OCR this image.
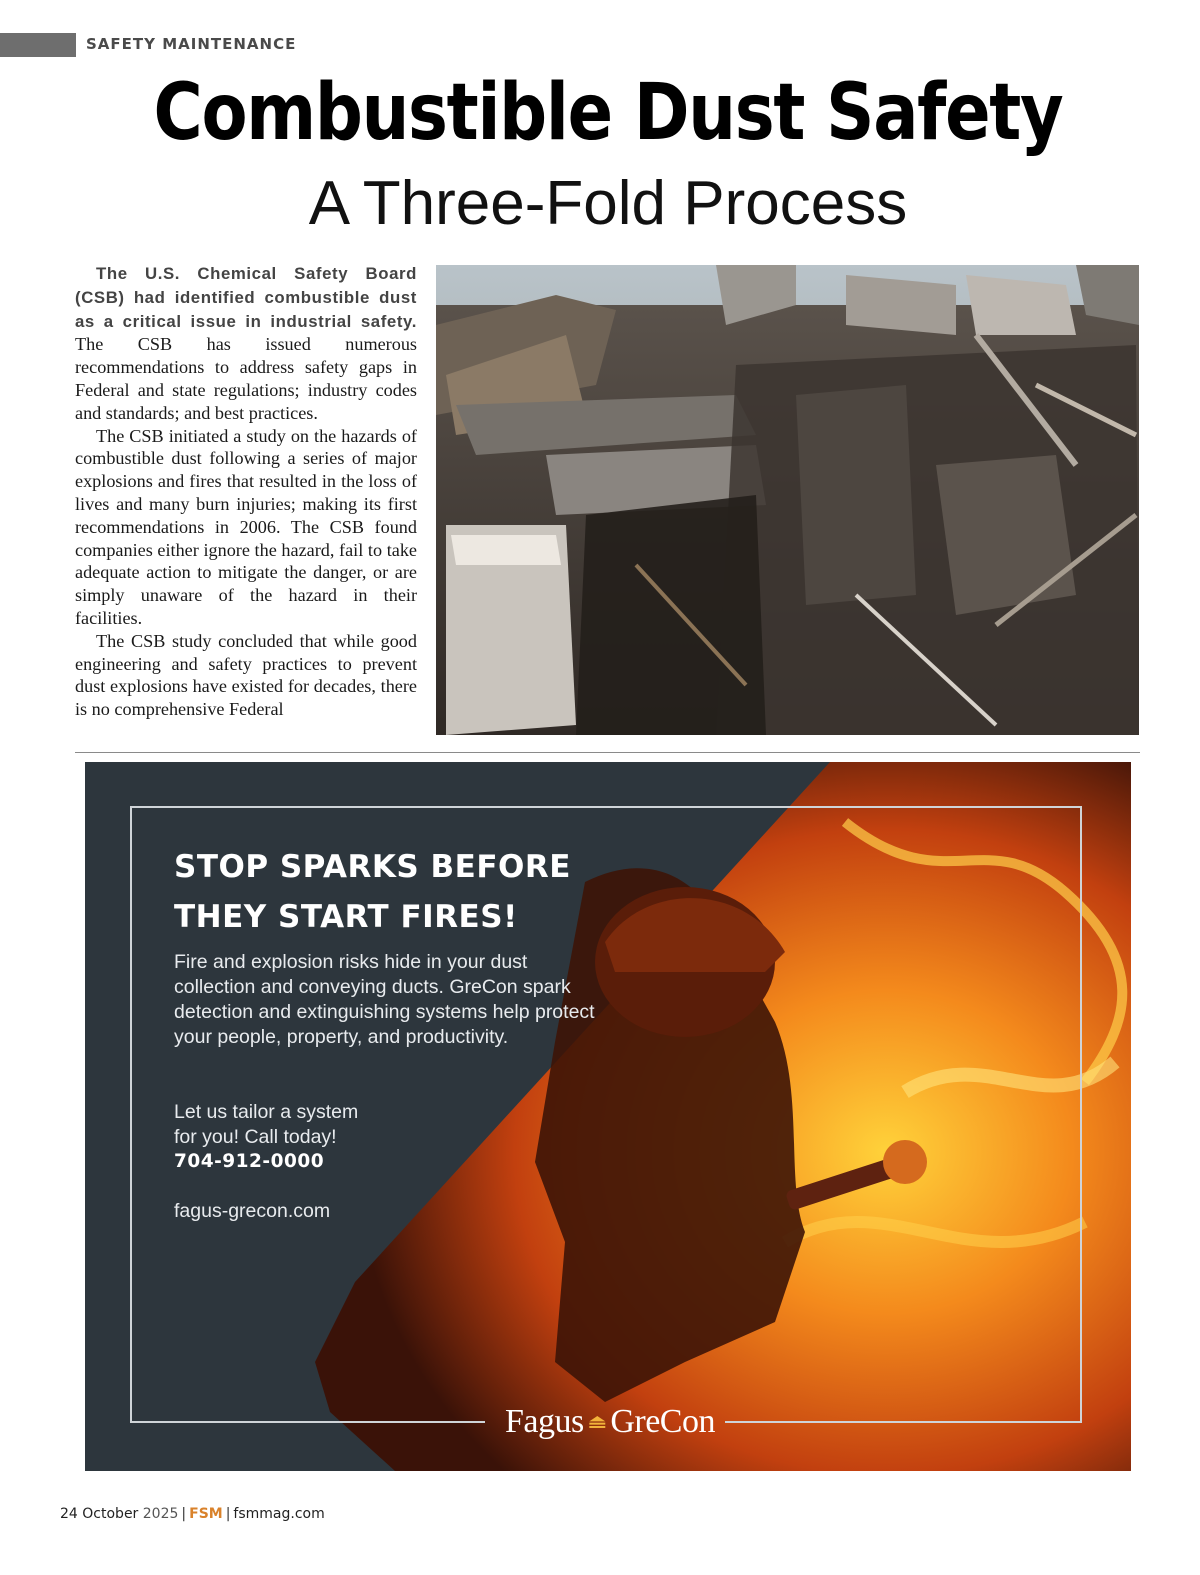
SAFETY MAINTENANCE
Combustible Dust Safety
A Three-Fold Process

The U.S. Chemical Safety Board (CSB) had identified combustible dust as a critical issue in industrial safety. The CSB has issued numerous recommendations to address safety gaps in Federal and state regulations; industry codes and standards; and best practices.

The CSB initiated a study on the hazards of combustible dust following a series of major explosions and fires that resulted in the loss of lives and many burn injuries; making its first recommendations in 2006. The CSB found companies either ignore the hazard, fail to take adequate action to mitigate the danger, or are simply unaware of the hazard in their facilities.

The CSB study concluded that while good engineering and safety practices to prevent dust explosions have existed for decades, there is no comprehensive Federal

STOP SPARKS BEFORE
THEY START FIRES!
Fire and explosion risks hide in your dust collection and conveying ducts. GreCon spark detection and extinguishing systems help protect your people, property, and productivity.
Let us tailor a system
for you! Call today!
704-912-0000
fagus-grecon.com
Fagus GreCon
24 October 2025 | FSM | fsmmag.com
